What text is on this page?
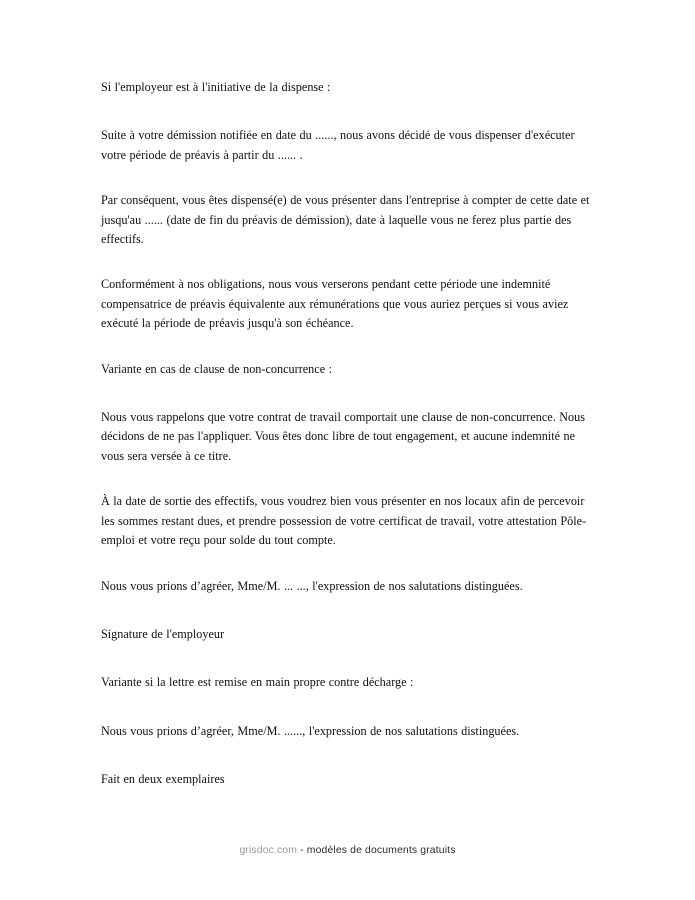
Si l'employeur est à l'initiative de la dispense :

Suite à votre démission notifiée en date du ......, nous avons décidé de vous dispenser d'exécuter votre période de préavis à partir du ...... .

Par conséquent, vous êtes dispensé(e) de vous présenter dans l'entreprise à compter de cette date et jusqu'au ...... (date de fin du préavis de démission), date à laquelle vous ne ferez plus partie des effectifs.

Conformément à nos obligations, nous vous verserons pendant cette période une indemnité compensatrice de préavis équivalente aux rémunérations que vous auriez perçues si vous aviez exécuté la période de préavis jusqu'à son échéance.

Variante en cas de clause de non-concurrence :

Nous vous rappelons que votre contrat de travail comportait une clause de non-concurrence. Nous décidons de ne pas l'appliquer. Vous êtes donc libre de tout engagement, et aucune indemnité ne vous sera versée à ce titre.

À la date de sortie des effectifs, vous voudrez bien vous présenter en nos locaux afin de percevoir les sommes restant dues, et prendre possession de votre certificat de travail, votre attestation Pôle-emploi et votre reçu pour solde du tout compte.

Nous vous prions d’agréer, Mme/M. ... ..., l'expression de nos salutations distinguées.

Signature de l'employeur

Variante si la lettre est remise en main propre contre décharge :

Nous vous prions d’agréer, Mme/M. ......, l'expression de nos salutations distinguées.

Fait en deux exemplaires

grisdoc.com - modèles de documents gratuits
